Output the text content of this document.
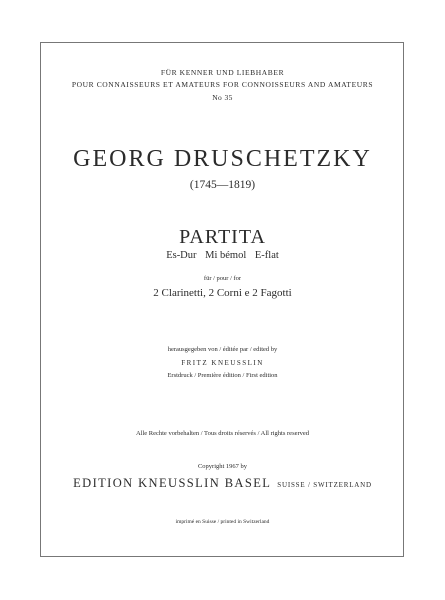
FÜR KENNER UND LIEBHABER
POUR CONNAISSEURS ET AMATEURS FOR CONNOISSEURS AND AMATEURS
No 35
GEORG DRUSCHETZKY
(1745—1819)
PARTITA
Es-Dur Mi bémol E-flat
für / pour / for
2 Clarinetti, 2 Corni e 2 Fagotti
herausgegeben von / éditée par / edited by
FRITZ KNEUSSLIN
Erstdruck / Première édition / First edition
Alle Rechte vorbehalten / Tous droits réservés / All rights reserved
Copyright 1967 by
EDITION KNEUSSLIN BASEL SUISSE / SWITZERLAND
imprimé en Suisse / printed in Switzerland
